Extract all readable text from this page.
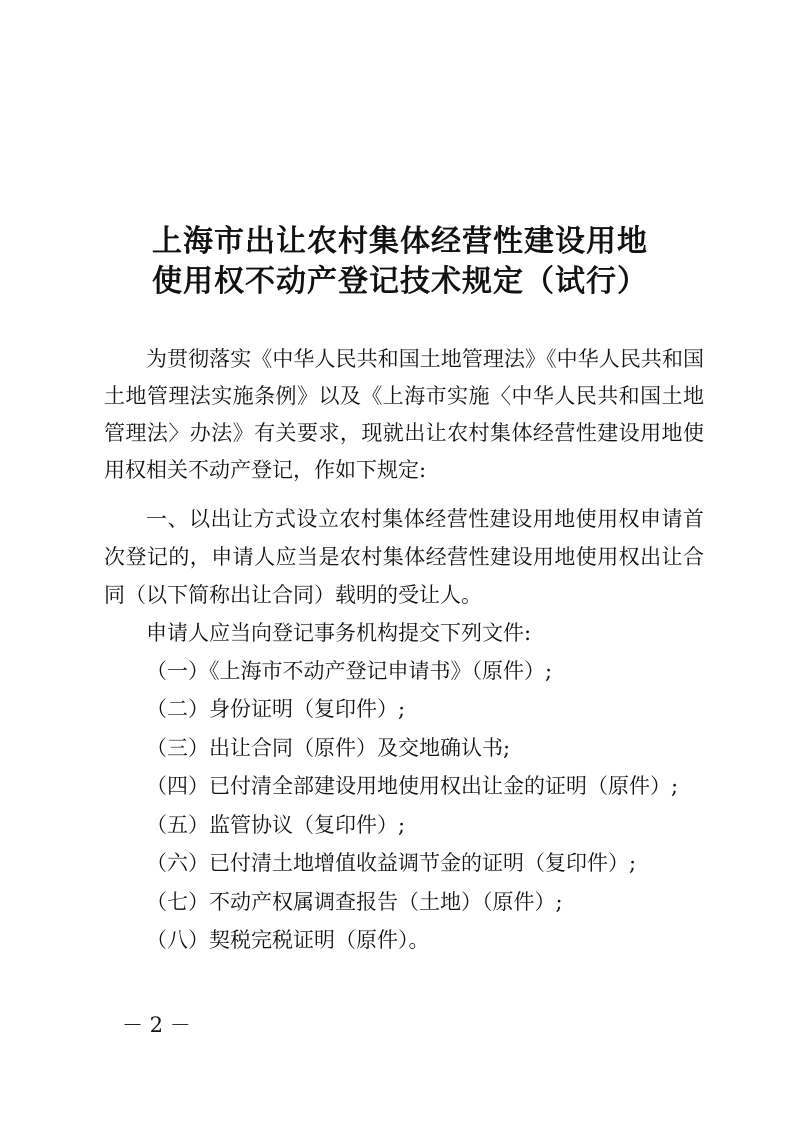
上海市出让农村集体经营性建设用地
使用权不动产登记技术规定（试行）
为贯彻落实《中华人民共和国土地管理法》《中华人民共和国土地管理法实施条例》以及《上海市实施〈中华人民共和国土地管理法〉办法》有关要求，现就出让农村集体经营性建设用地使用权相关不动产登记，作如下规定:
一、以出让方式设立农村集体经营性建设用地使用权申请首次登记的，申请人应当是农村集体经营性建设用地使用权出让合同（以下简称出让合同）载明的受让人。
申请人应当向登记事务机构提交下列文件:
（一）《上海市不动产登记申请书》（原件）;
（二）身份证明（复印件）;
（三）出让合同（原件）及交地确认书;
（四）已付清全部建设用地使用权出让金的证明（原件）;
（五）监管协议（复印件）;
（六）已付清土地增值收益调节金的证明（复印件）;
（七）不动产权属调查报告（土地）（原件）;
（八）契税完税证明（原件）。
－ 2 －
